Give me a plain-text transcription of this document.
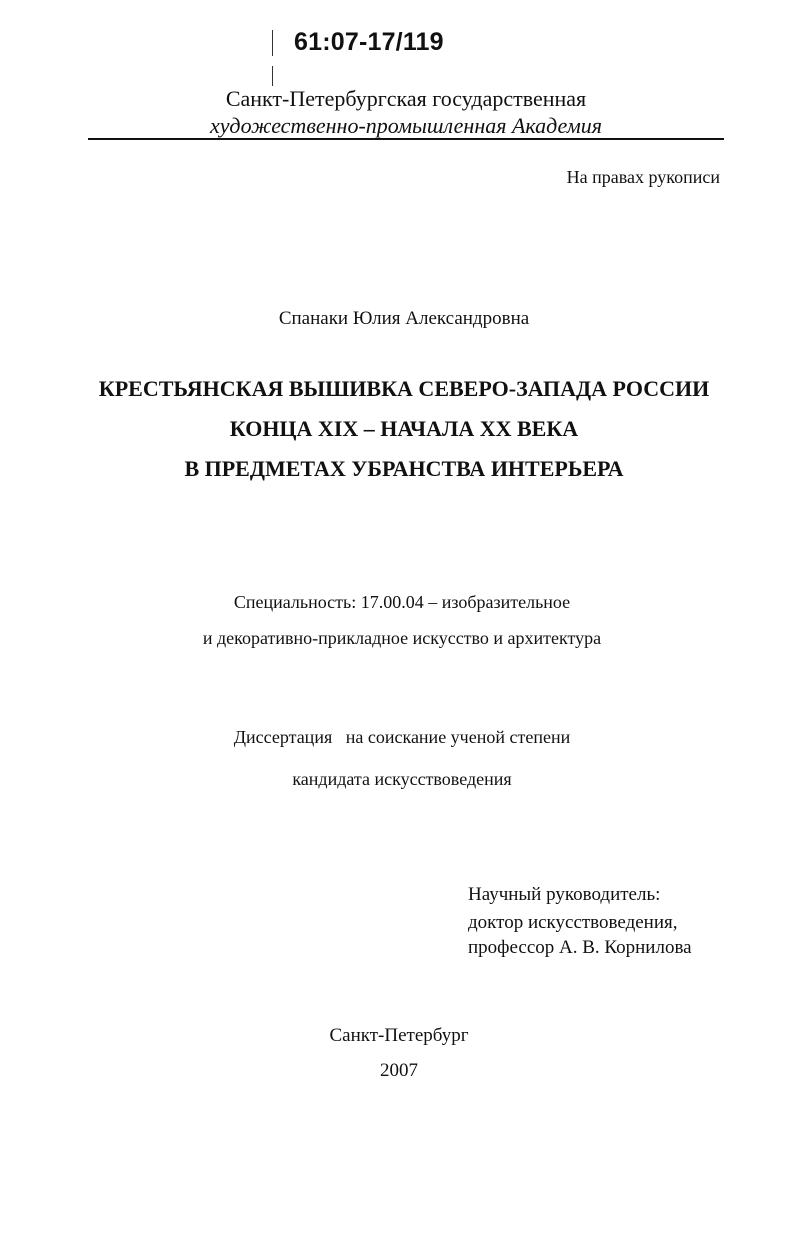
61:07-17/119

Санкт-Петербургская государственная

художественно-промышленная Академия

На правах рукописи

Спанаки Юлия Александровна

КРЕСТЬЯНСКАЯ ВЫШИВКА СЕВЕРО-ЗАПАДА РОССИИ

КОНЦА XIX – НАЧАЛА XX ВЕКА

В ПРЕДМЕТАХ УБРАНСТВА ИНТЕРЬЕРА

Специальность: 17.00.04 – изобразительное

и декоративно-прикладное искусство и архитектура

Диссертация   на соискание ученой степени

кандидата искусствоведения

Научный руководитель:

доктор искусствоведения,

профессор А. В. Корнилова

Санкт-Петербург

2007
